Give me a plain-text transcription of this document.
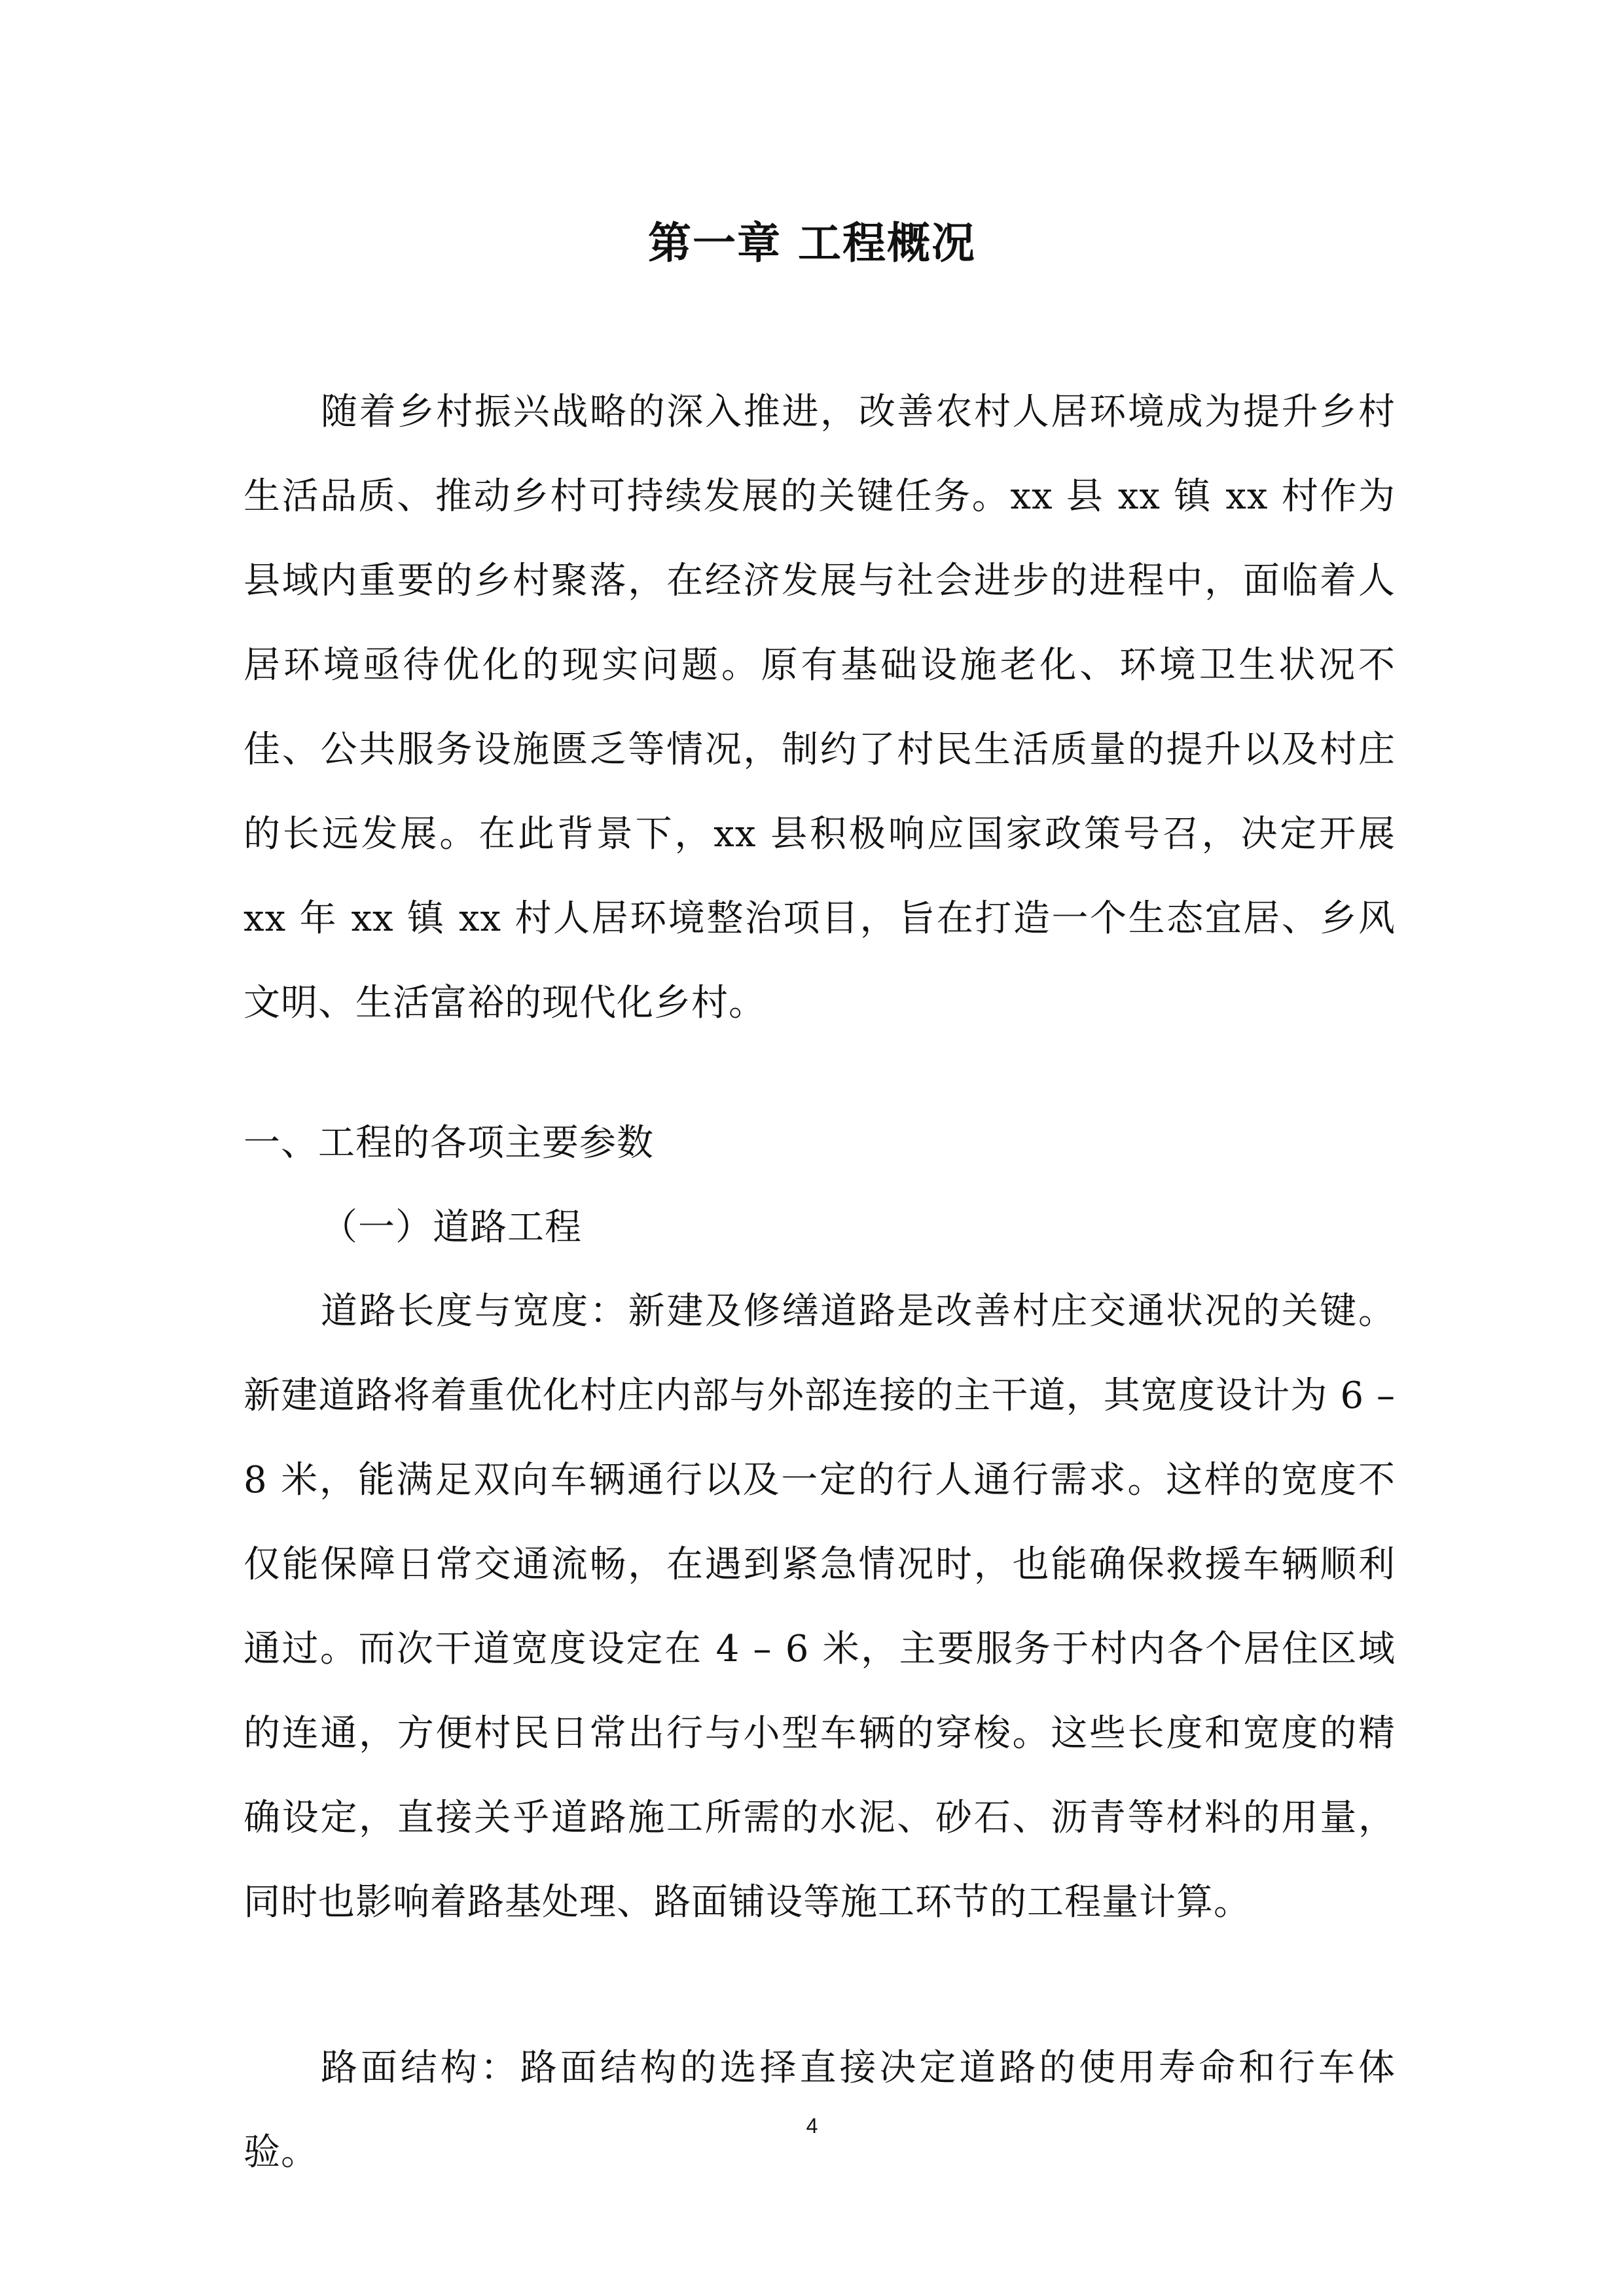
第一章 工程概况

随着乡村振兴战略的深入推进，改善农村人居环境成为提升乡村生活品质、推动乡村可持续发展的关键任务。xx 县 xx 镇 xx 村作为县域内重要的乡村聚落，在经济发展与社会进步的进程中，面临着人居环境亟待优化的现实问题。原有基础设施老化、环境卫生状况不佳、公共服务设施匮乏等情况，制约了村民生活质量的提升以及村庄的长远发展。在此背景下，xx 县积极响应国家政策号召，决定开展 xx 年 xx 镇 xx 村人居环境整治项目，旨在打造一个生态宜居、乡风文明、生活富裕的现代化乡村。

一、工程的各项主要参数

（一）道路工程

道路长度与宽度：新建及修缮道路是改善村庄交通状况的关键。新建道路将着重优化村庄内部与外部连接的主干道，其宽度设计为 6 – 8 米，能满足双向车辆通行以及一定的行人通行需求。这样的宽度不仅能保障日常交通流畅，在遇到紧急情况时，也能确保救援车辆顺利通过。而次干道宽度设定在 4 – 6 米，主要服务于村内各个居住区域的连通，方便村民日常出行与小型车辆的穿梭。这些长度和宽度的精确设定，直接关乎道路施工所需的水泥、砂石、沥青等材料的用量，同时也影响着路基处理、路面铺设等施工环节的工程量计算。

路面结构：路面结构的选择直接决定道路的使用寿命和行车体验。

4
